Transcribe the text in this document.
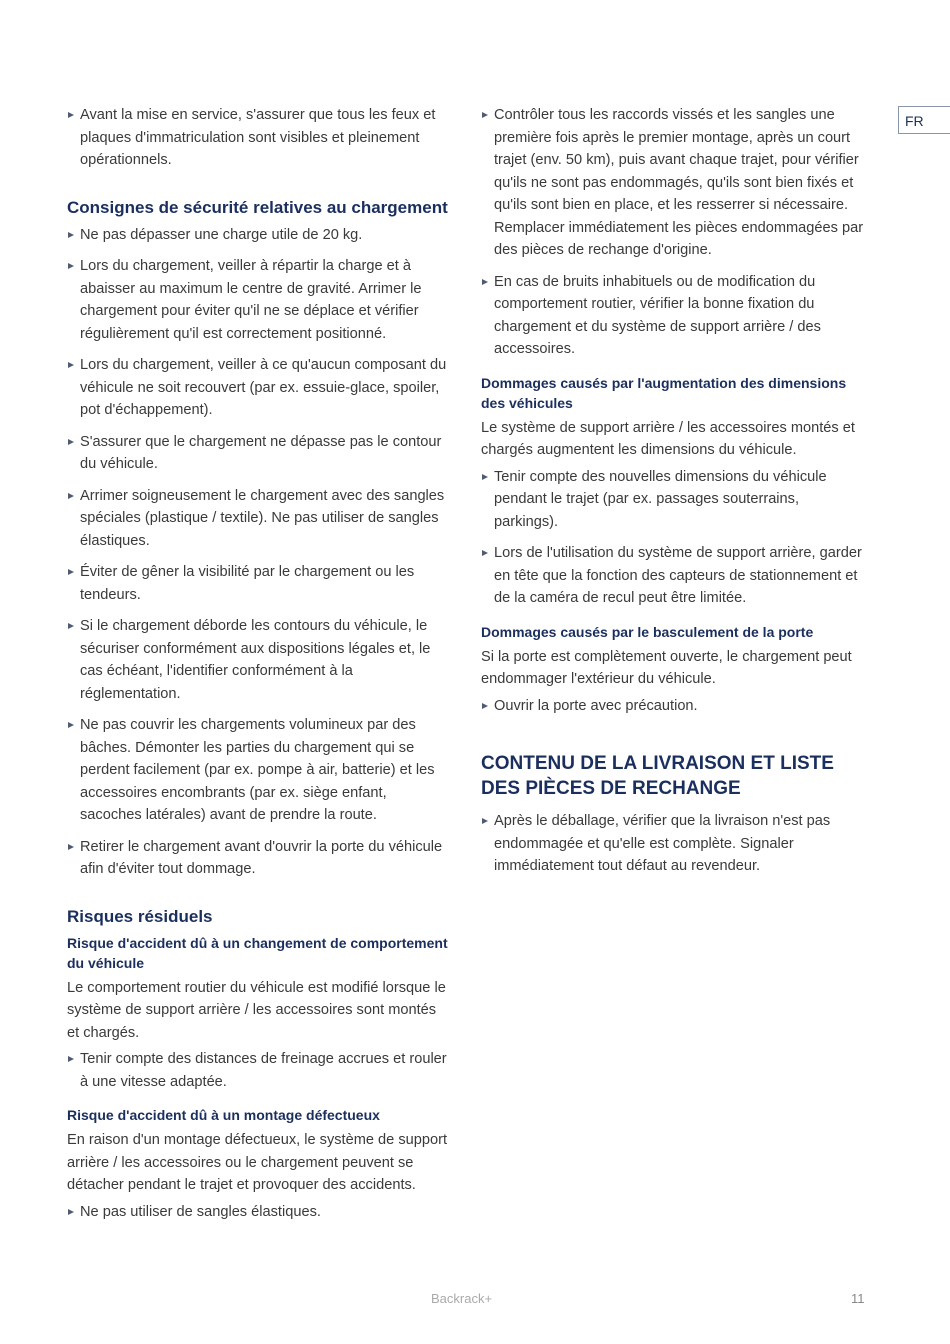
FR

Avant la mise en service, s'assurer que tous les feux et plaques d'immatriculation sont visibles et pleinement opérationnels.

Consignes de sécurité relatives au chargement

Ne pas dépasser une charge utile de 20 kg.

Lors du chargement, veiller à répartir la charge et à abaisser au maximum le centre de gravité. Arrimer le chargement pour éviter qu'il ne se déplace et vérifier régulièrement qu'il est correctement positionné.

Lors du chargement, veiller à ce qu'aucun composant du véhicule ne soit recouvert (par ex. essuie-glace, spoiler, pot d'échappement).

S'assurer que le chargement ne dépasse pas le contour du véhicule.

Arrimer soigneusement le chargement avec des sangles spéciales (plastique / textile). Ne pas utiliser de sangles élastiques.

Éviter de gêner la visibilité par le chargement ou les tendeurs.

Si le chargement déborde les contours du véhicule, le sécuriser conformément aux dispositions légales et, le cas échéant, l'identifier conformément à la réglementation.

Ne pas couvrir les chargements volumineux par des bâches. Démonter les parties du chargement qui se perdent facilement (par ex. pompe à air, batterie) et les accessoires encombrants (par ex. siège enfant, sacoches latérales) avant de prendre la route.

Retirer le chargement avant d'ouvrir la porte du véhicule afin d'éviter tout dommage.

Risques résiduels
Risque d'accident dû à un changement de comportement du véhicule

Le comportement routier du véhicule est modifié lorsque le système de support arrière / les accessoires sont montés et chargés.

Tenir compte des distances de freinage accrues et rouler à une vitesse adaptée.

Risque d'accident dû à un montage défectueux

En raison d'un montage défectueux, le système de support arrière / les accessoires ou le chargement peuvent se détacher pendant le trajet et provoquer des accidents.

Ne pas utiliser de sangles élastiques.

Contrôler tous les raccords vissés et les sangles une première fois après le premier montage, après un court trajet (env. 50 km), puis avant chaque trajet, pour vérifier qu'ils ne sont pas endommagés, qu'ils sont bien fixés et qu'ils sont bien en place, et les resserrer si nécessaire. Remplacer immédiatement les pièces endommagées par des pièces de rechange d'origine.

En cas de bruits inhabituels ou de modification du comportement routier, vérifier la bonne fixation du chargement et du système de support arrière / des accessoires.

Dommages causés par l'augmentation des dimensions des véhicules

Le système de support arrière / les accessoires montés et chargés augmentent les dimensions du véhicule.

Tenir compte des nouvelles dimensions du véhicule pendant le trajet (par ex. passages souterrains, parkings).

Lors de l'utilisation du système de support arrière, garder en tête que la fonction des capteurs de stationnement et de la caméra de recul peut être limitée.

Dommages causés par le basculement de la porte

Si la porte est complètement ouverte, le chargement peut endommager l'extérieur du véhicule.

Ouvrir la porte avec précaution.

CONTENU DE LA LIVRAISON ET LISTE DES PIÈCES DE RECHANGE

Après le déballage, vérifier que la livraison n'est pas endommagée et qu'elle est complète. Signaler immédiatement tout défaut au revendeur.

Backrack+	11
